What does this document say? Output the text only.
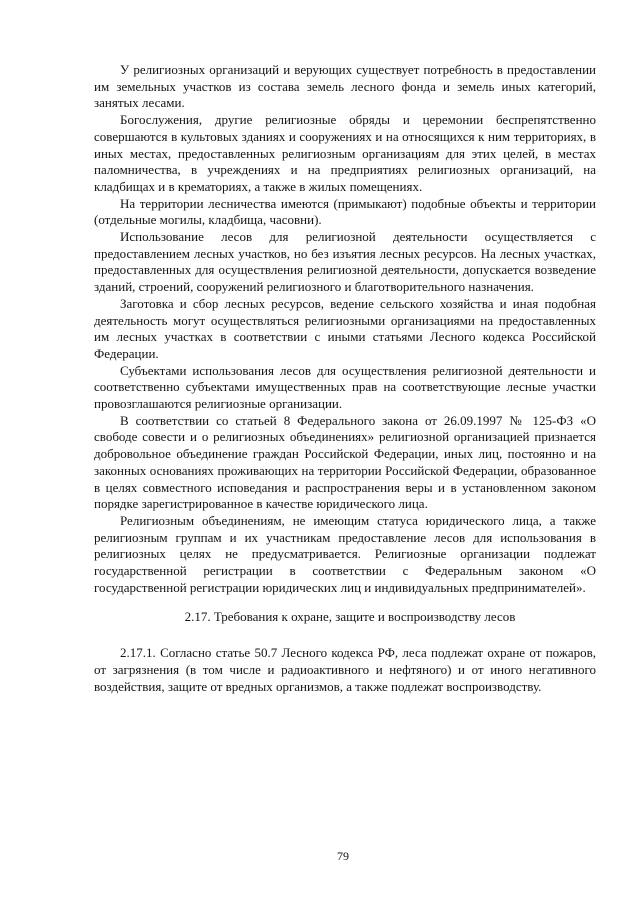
У религиозных организаций и верующих существует потребность в предоставлении им земельных участков из состава земель лесного фонда и земель иных категорий, занятых лесами.

Богослужения, другие религиозные обряды и церемонии беспрепятственно совершаются в культовых зданиях и сооружениях и на относящихся к ним территориях, в иных местах, предоставленных религиозным организациям для этих целей, в местах паломничества, в учреждениях и на предприятиях религиозных организаций, на кладбищах и в крематориях, а также в жилых помещениях.

На территории лесничества имеются (примыкают) подобные объекты и территории (отдельные могилы, кладбища, часовни).

Использование лесов для религиозной деятельности осуществляется с предоставлением лесных участков, но без изъятия лесных ресурсов. На лесных участках, предоставленных для осуществления религиозной деятельности, допускается возведение зданий, строений, сооружений религиозного и благотворительного назначения.

Заготовка и сбор лесных ресурсов, ведение сельского хозяйства и иная подобная деятельность могут осуществляться религиозными организациями на предоставленных им лесных участках в соответствии с иными статьями Лесного кодекса Российской Федерации.

Субъектами использования лесов для осуществления религиозной деятельности и соответственно субъектами имущественных прав на соответствующие лесные участки провозглашаются религиозные организации.

В соответствии со статьей 8 Федерального закона от 26.09.1997 № 125-ФЗ «О свободе совести и о религиозных объединениях» религиозной организацией признается добровольное объединение граждан Российской Федерации, иных лиц, постоянно и на законных основаниях проживающих на территории Российской Федерации, образованное в целях совместного исповедания и распространения веры и в установленном законом порядке зарегистрированное в качестве юридического лица.

Религиозным объединениям, не имеющим статуса юридического лица, а также религиозным группам и их участникам предоставление лесов для использования в религиозных целях не предусматривается. Религиозные организации подлежат государственной регистрации в соответствии с Федеральным законом «О государственной регистрации юридических лиц и индивидуальных предпринимателей».

2.17. Требования к охране, защите и воспроизводству лесов

2.17.1. Согласно статье 50.7 Лесного кодекса РФ, леса подлежат охране от пожаров, от загрязнения (в том числе и радиоактивного и нефтяного) и от иного негативного воздействия, защите от вредных организмов, а также подлежат воспроизводству.

79
